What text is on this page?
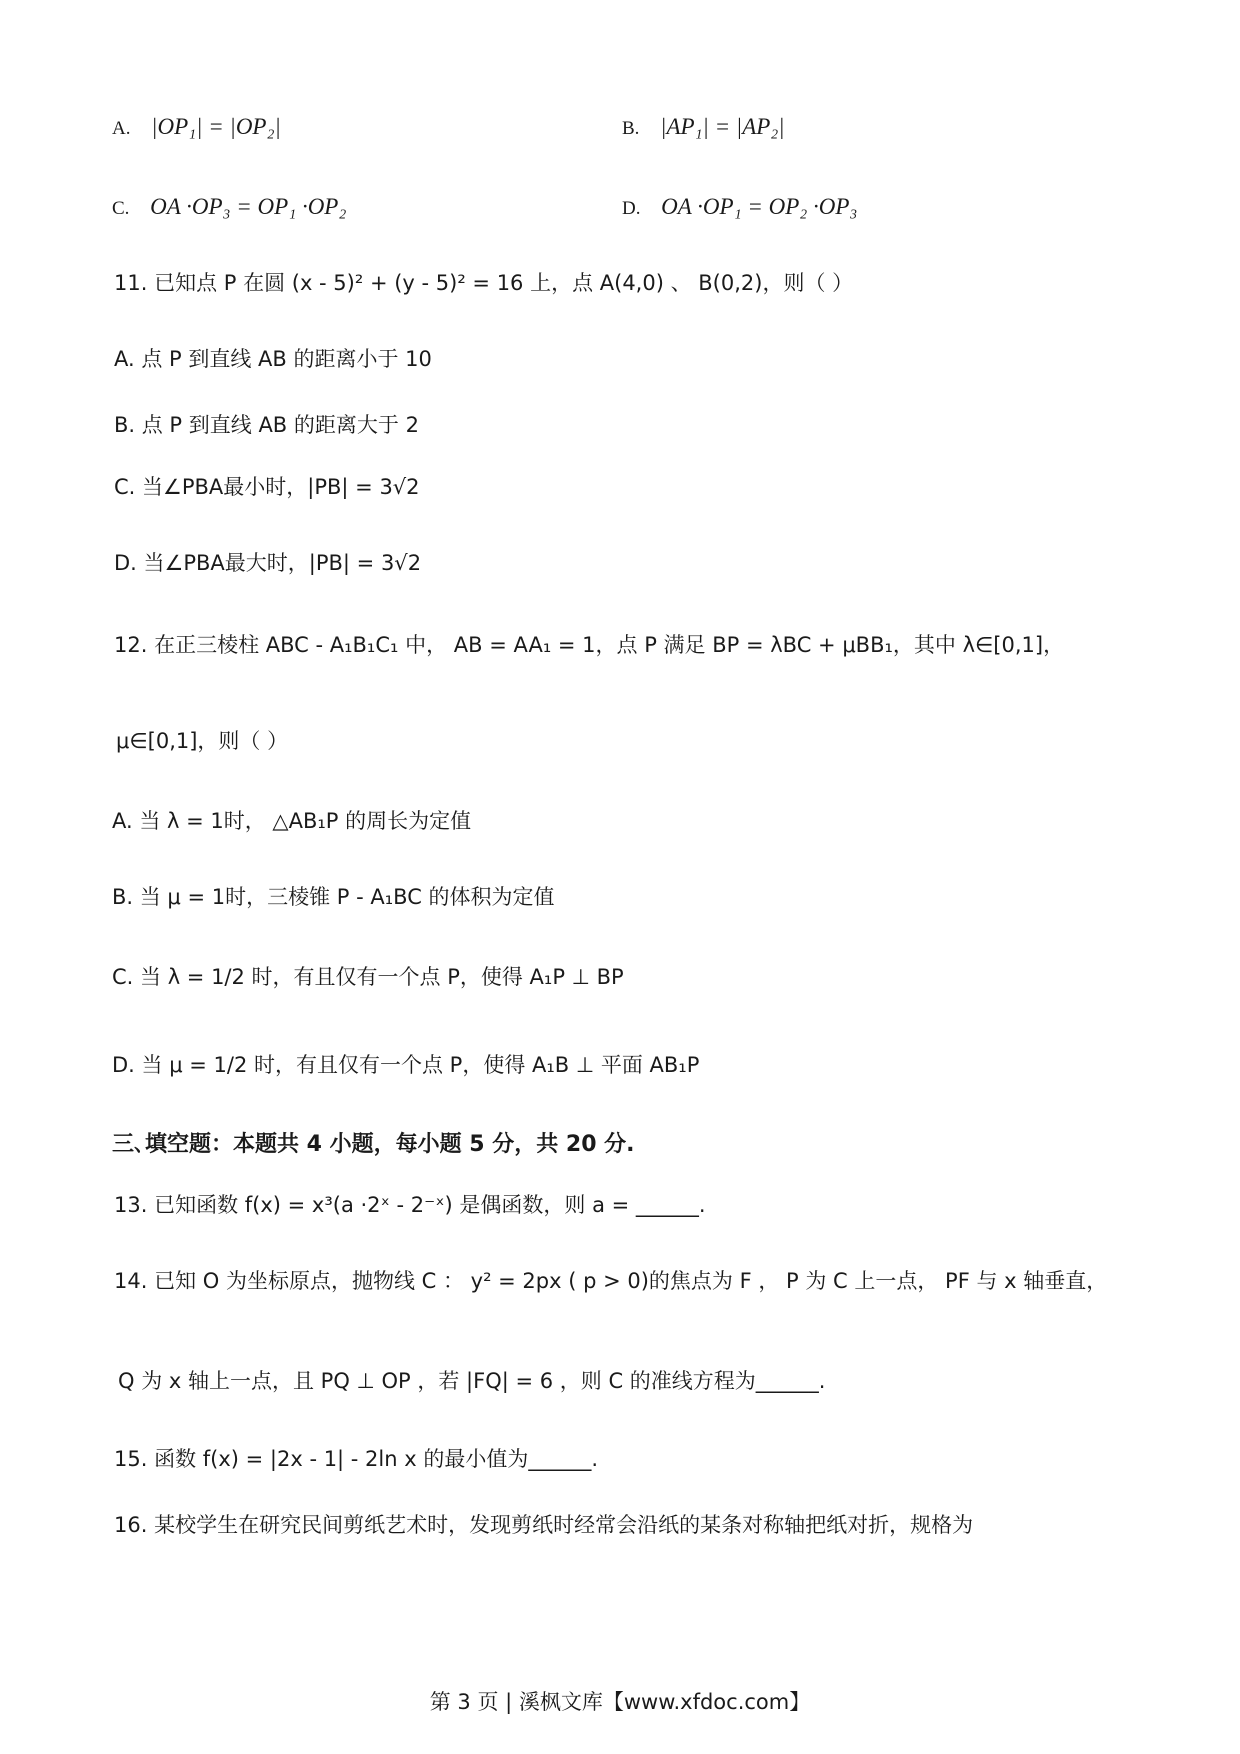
A. |OP₁| = |OP₂|	B. |AP₁| = |AP₂|
C. OA ·OP₃ = OP₁ ·OP₂	D. OA ·OP₁ = OP₂ ·OP₃
11. 已知点 P 在圆 (x - 5)² + (y - 5)² = 16 上，点 A(4,0) 、 B(0,2)，则（ ）
A. 点 P 到直线 AB 的距离小于 10
B. 点 P 到直线 AB 的距离大于 2
C. 当∠PBA最小时，|PB| = 3√2
D. 当∠PBA最大时，|PB| = 3√2
12. 在正三棱柱 ABC - A₁B₁C₁ 中， AB = AA₁ = 1，点 P 满足 BP = λBC + μBB₁，其中 λ∈[0,1]，
μ∈[0,1]，则（ ）
A. 当 λ = 1时， △AB₁P 的周长为定值
B. 当 μ = 1时，三棱锥 P - A₁BC 的体积为定值
C. 当 λ = 1/2 时，有且仅有一个点 P，使得 A₁P ⊥ BP
D. 当 μ = 1/2 时，有且仅有一个点 P，使得 A₁B ⊥ 平面 AB₁P
三､填空题：本题共 4 小题，每小题 5 分，共 20 分.
13. 已知函数 f(x) = x³(a ·2ˣ - 2⁻ˣ) 是偶函数，则 a = ______.
14. 已知 O 为坐标原点，抛物线 C ： y² = 2px ( p > 0)的焦点为 F ， P 为 C 上一点， PF 与 x 轴垂直，
Q 为 x 轴上一点，且 PQ ⊥ OP ，若 |FQ| = 6 ，则 C 的准线方程为______.
15. 函数 f(x) = |2x - 1| - 2ln x 的最小值为______.
16. 某校学生在研究民间剪纸艺术时，发现剪纸时经常会沿纸的某条对称轴把纸对折，规格为
第 3 页 | 溪枫文库【www.xfdoc.com】
